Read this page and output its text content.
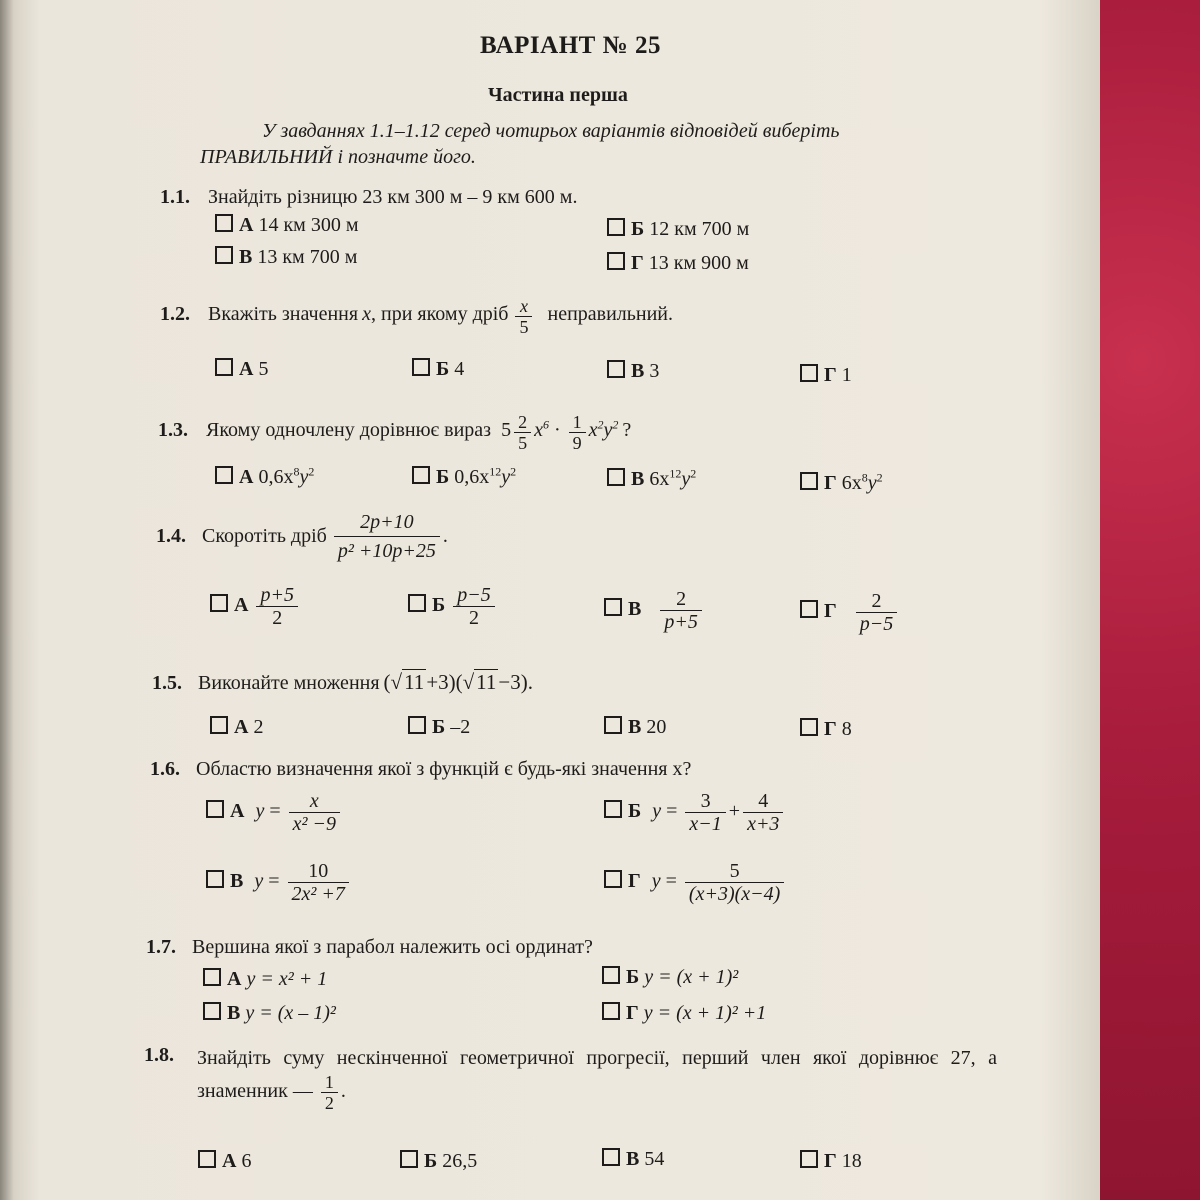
ВАРІАНТ № 25
Частина перша
У завданнях 1.1–1.12 серед чотирьох варіантів відповідей виберіть ПРАВИЛЬНИЙ і позначте його.
1.1. Знайдіть різницю 23 км 300 м – 9 км 600 м.
А 14 км 300 м	Б 12 км 700 м
В 13 км 700 м	Г 13 км 900 м
1.2. Вкажіть значення x, при якому дріб $\frac{x}{5}$ неправильний.
А 5	Б 4	В 3	Г 1
1.3. Якому одночлену дорівнює вираз $5 \frac{2}{5} x^6 \cdot \frac{1}{9} x^2y^2$ ?
А $0,6x^8y^2$	Б $0,6x^{12}y^2$	В $6x^{12}y^2$	Г $6x^8y^2$
1.4. Скоротіть дріб $\frac{2p+10}{\text{p² +10p+25}}$ .
А $\frac{p+5}{2}$	Б $\frac{p-5}{2}$	В $\frac{2}{p+5}$	Г $\frac{2}{p-5}$
1.5. Виконайте множення (√11+3)(√11−3).
А 2	Б –2	В 20	Г 8
1.6. Областю визначення якої з функцій є будь-які значення x?
А $y = \frac{x}{\text{x² −9}}$	Б $y = \frac{3}{x-1} + \frac{4}{x+3}$
В $y = \frac{10}{\text{2x² +7}}$	Г $y = \frac{5}{(x+3)(x-4)}$
1.7. Вершина якої з парабол належить осі ординат?
А y = x² + 1	Б y = (x + 1)²
В y = (x – 1)²	Г y = (x + 1)² +1
1.8. Знайдіть суму нескінченної геометричної прогресії, перший член якої дорівнює 27, а знаменник — $\frac{1}{2}$ .
А 6	Б 26,5	В 54	Г 18
